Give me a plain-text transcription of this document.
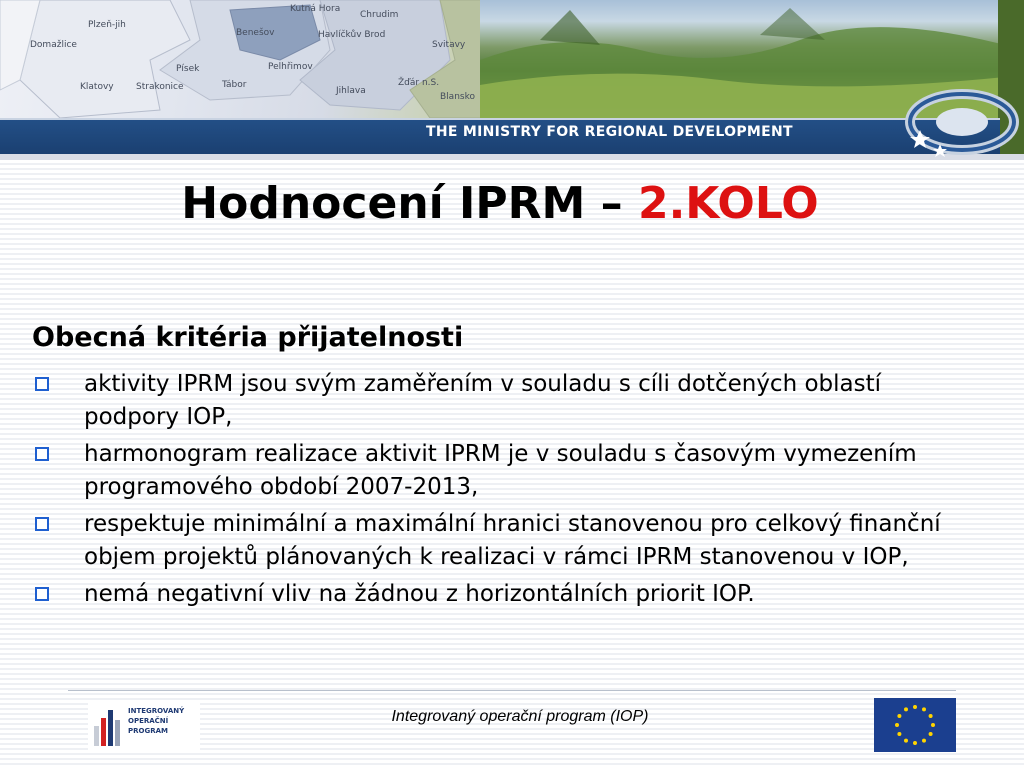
Plzeň-jih
Domažlice
Klatovy Strakonice
Písek
Tábor
Benešov
Pelhřimov
Kutná Hora
Chrudim
Havlíčkův Brod
Svitavy
Jihlava
Žďár n.S.
Blansko
THE MINISTRY FOR REGIONAL DEVELOPMENT
Hodnocení IPRM – 2.KOLO
Obecná kritéria přijatelnosti
aktivity IPRM jsou svým zaměřením v souladu s cíli dotčených oblastí podpory IOP,
harmonogram realizace aktivit IPRM je v souladu s časovým vymezením programového období 2007-2013,
respektuje minimální a maximální hranici stanovenou pro celkový finanční objem projektů plánovaných k realizaci v rámci IPRM stanovenou v IOP,
nemá negativní vliv na žádnou z horizontálních priorit IOP.
INTEGROVANÝ
OPERAČNÍ
PROGRAM
Integrovaný operační program (IOP)
